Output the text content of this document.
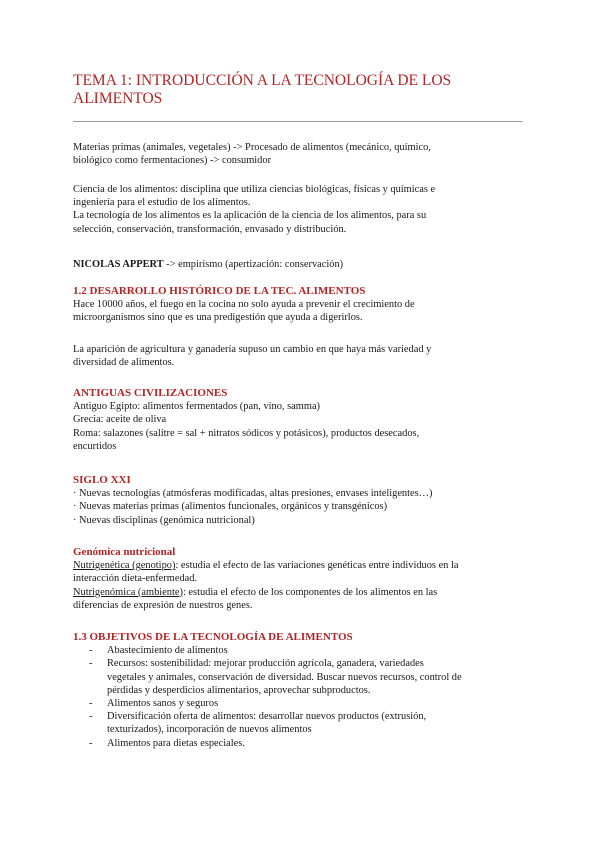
TEMA 1: INTRODUCCIÓN A LA TECNOLOGÍA DE LOS
ALIMENTOS

Materias primas (animales, vegetales) -> Procesado de alimentos (mecánico, químico,

biológico como fermentaciones) -> consumidor

Ciencia de los alimentos: disciplina que utiliza ciencias biológicas, físicas y químicas e

ingeniería para el estudio de los alimentos.

La tecnología de los alimentos es la aplicación de la ciencia de los alimentos, para su

selección, conservación, transformación, envasado y distribución.

NICOLAS APPERT -> empirismo (apertización: conservación)

1.2 DESARROLLO HISTÓRICO DE LA TEC. ALIMENTOS

Hace 10000 años, el fuego en la cocina no solo ayuda a prevenir el crecimiento de

microorganismos sino que es una predigestión que ayuda a digerirlos.

La aparición de agricultura y ganadería supuso un cambio en que haya más variedad y

diversidad de alimentos.

ANTIGUAS CIVILIZACIONES

Antiguo Egipto: alimentos fermentados (pan, vino, samma)

Grecia: aceite de oliva

Roma: salazones (salitre = sal + nitratos sódicos y potásicos), productos desecados,

encurtidos

SIGLO XXI

· Nuevas tecnologías (atmósferas modificadas, altas presiones, envases inteligentes…)

· Nuevas materias primas (alimentos funcionales, orgánicos y transgénicos)

· Nuevas disciplinas (genómica nutricional)

Genómica nutricional

Nutrigenética (genotipo): estudia el efecto de las variaciones genéticas entre individuos en la

interacción dieta-enfermedad.

Nutrigenómica (ambiente): estudia el efecto de los componentes de los alimentos en las

diferencias de expresión de nuestros genes.

1.3 OBJETIVOS DE LA TECNOLOGÍA DE ALIMENTOS

- Abastecimiento de alimentos
- Recursos: sostenibilidad: mejorar producción agrícola, ganadera, variedades
vegetales y animales, conservación de diversidad. Buscar nuevos recursos, control de
pérdidas y desperdicios alimentarios, aprovechar subproductos.
- Alimentos sanos y seguros
- Diversificación oferta de alimentos: desarrollar nuevos productos (extrusión,
texturizados), incorporación de nuevos alimentos
- Alimentos para dietas especiales.
